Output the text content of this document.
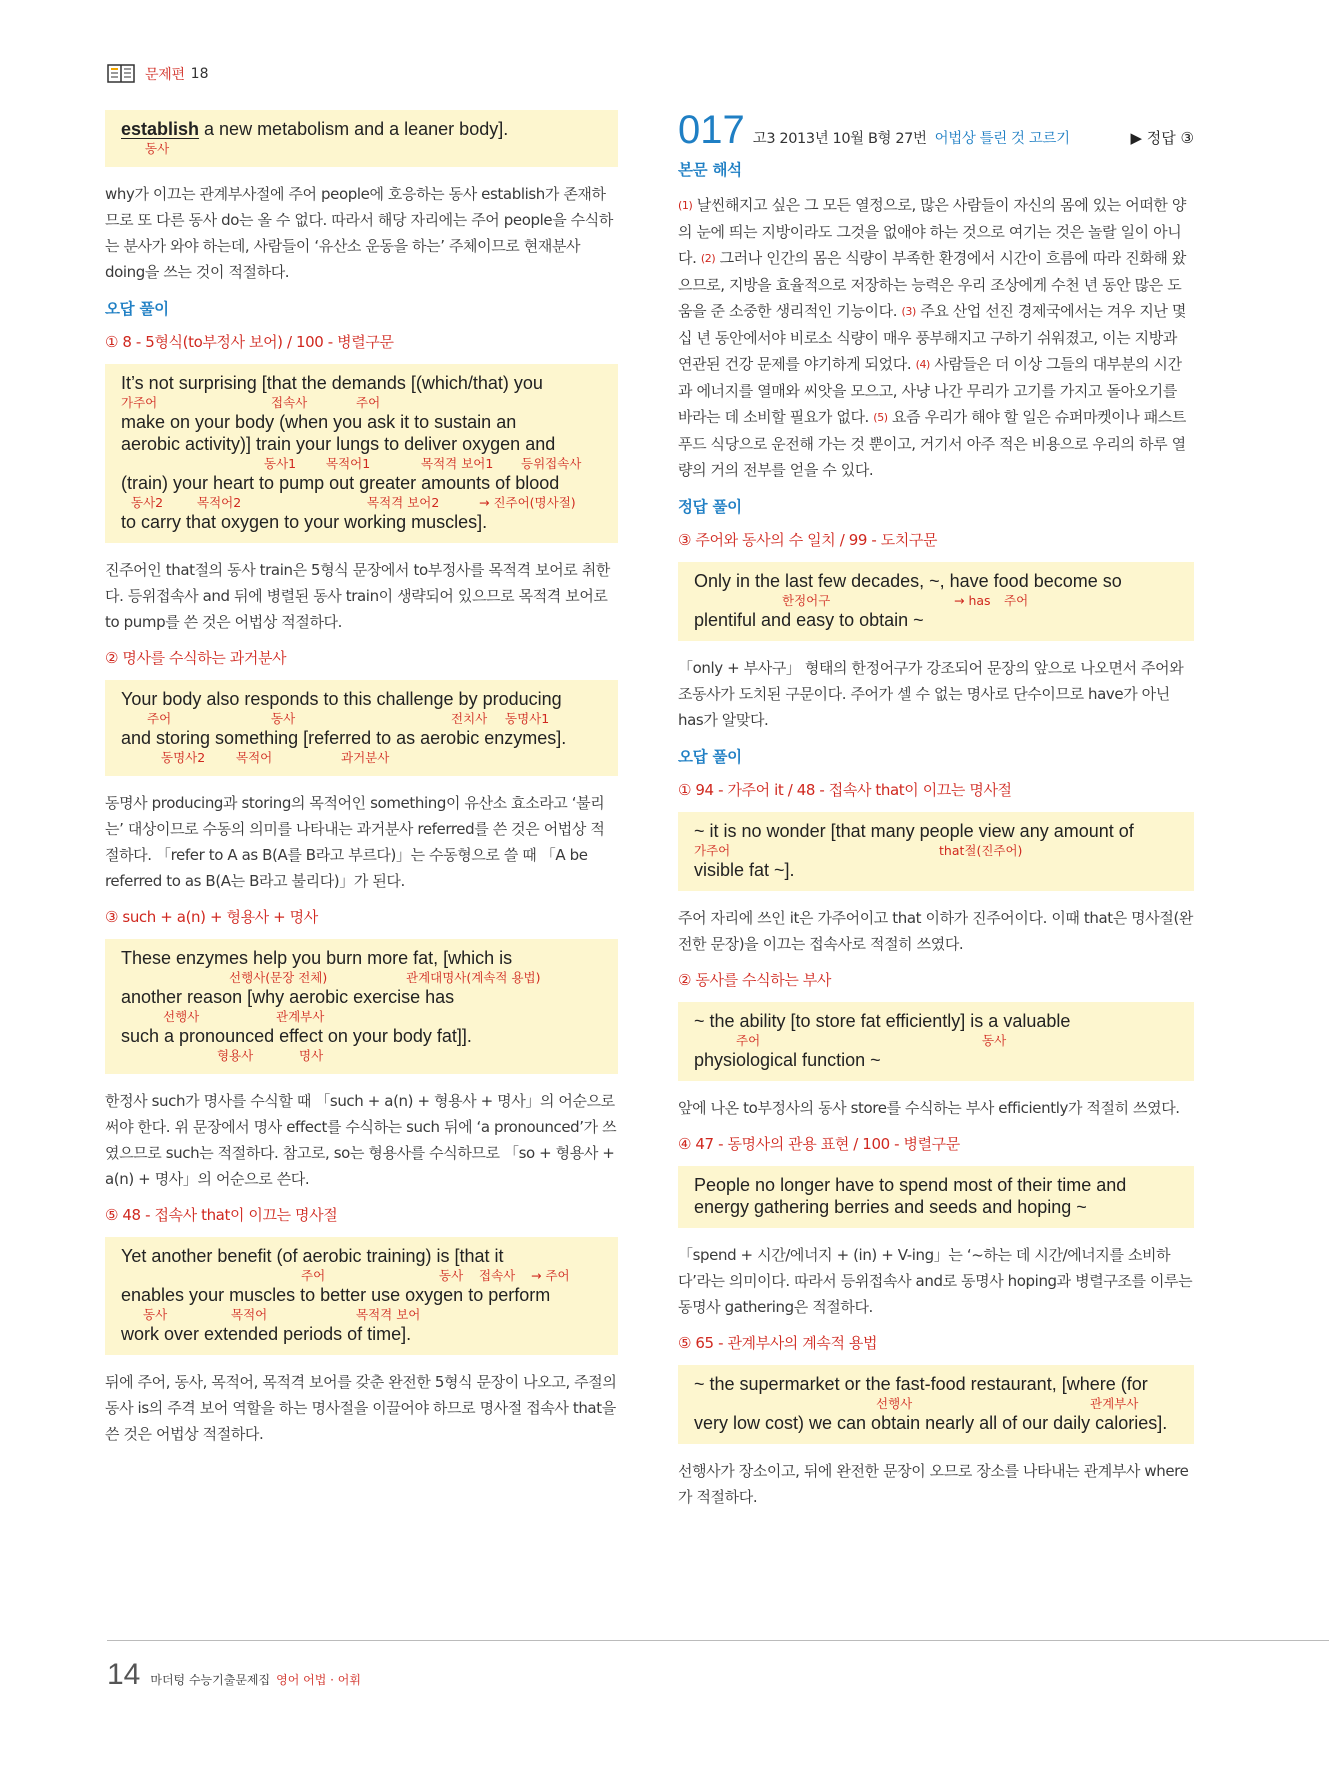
문제편 18
establish a new metabolism and a leaner body].
동사

why가 이끄는 관계부사절에 주어 people에 호응하는 동사 establish가 존재하므로 또 다른 동사 do는 올 수 없다. 따라서 해당 자리에는 주어 people을 수식하는 분사가 와야 하는데, 사람들이 ‘유산소 운동을 하는’ 주체이므로 현재분사 doing을 쓰는 것이 적절하다.

오답 풀이
① 8 - 5형식(to부정사 보어) / 100 - 병렬구문
It’s not surprising [that the demands [(which/that) you
가주어	접속사	주어
make on your body (when you ask it to sustain an
aerobic activity)] train your lungs to deliver oxygen and
동사1 목적어1	목적격 보어1 등위접속사
(train) your heart to pump out greater amounts of blood
동사2	목적어2	목적격 보어2	→ 진주어(명사절)
to carry that oxygen to your working muscles].

진주어인 that절의 동사 train은 5형식 문장에서 to부정사를 목적격 보어로 취한다. 등위접속사 and 뒤에 병렬된 동사 train이 생략되어 있으므로 목적격 보어로 to pump를 쓴 것은 어법상 적절하다.

② 명사를 수식하는 과거분사
Your body also responds to this challenge by producing
주어	동사	전치사 동명사1
and storing something [referred to as aerobic enzymes].
동명사2 목적어	과거분사

동명사 producing과 storing의 목적어인 something이 유산소 효소라고 ‘불리는’ 대상이므로 수동의 의미를 나타내는 과거분사 referred를 쓴 것은 어법상 적절하다. 「refer to A as B(A를 B라고 부르다)」는 수동형으로 쓸 때 「A be referred to as B(A는 B라고 불리다)」가 된다.

③ such + a(n) + 형용사 + 명사
These enzymes help you burn more fat, [which is
선행사(문장 전체)	관계대명사(계속적 용법)
another reason [why aerobic exercise has
선행사	관계부사
such a pronounced effect on your body fat]].
형용사	명사

한정사 such가 명사를 수식할 때 「such + a(n) + 형용사 + 명사」의 어순으로 써야 한다. 위 문장에서 명사 effect를 수식하는 such 뒤에 ‘a pronounced’가 쓰였으므로 such는 적절하다. 참고로, so는 형용사를 수식하므로 「so + 형용사 + a(n) + 명사」의 어순으로 쓴다.

⑤ 48 - 접속사 that이 이끄는 명사절
Yet another benefit (of aerobic training) is [that it
주어	동사 접속사 → 주어
enables your muscles to better use oxygen to perform
동사	목적어	목적격 보어
work over extended periods of time].

뒤에 주어, 동사, 목적어, 목적격 보어를 갖춘 완전한 5형식 문장이 나오고, 주절의 동사 is의 주격 보어 역할을 하는 명사절을 이끌어야 하므로 명사절 접속사 that을 쓴 것은 어법상 적절하다.

017 고3 2013년 10월 B형 27번 어법상 틀린 것 고르기	▶ 정답 ③
본문 해석

(1) 날씬해지고 싶은 그 모든 열정으로, 많은 사람들이 자신의 몸에 있는 어떠한 양의 눈에 띄는 지방이라도 그것을 없애야 하는 것으로 여기는 것은 놀랄 일이 아니다. (2) 그러나 인간의 몸은 식량이 부족한 환경에서 시간이 흐름에 따라 진화해 왔으므로, 지방을 효율적으로 저장하는 능력은 우리 조상에게 수천 년 동안 많은 도움을 준 소중한 생리적인 기능이다. (3) 주요 산업 선진 경제국에서는 겨우 지난 몇십 년 동안에서야 비로소 식량이 매우 풍부해지고 구하기 쉬워졌고, 이는 지방과 연관된 건강 문제를 야기하게 되었다. (4) 사람들은 더 이상 그들의 대부분의 시간과 에너지를 열매와 씨앗을 모으고, 사냥 나간 무리가 고기를 가지고 돌아오기를 바라는 데 소비할 필요가 없다. (5) 요즘 우리가 해야 할 일은 슈퍼마켓이나 패스트푸드 식당으로 운전해 가는 것 뿐이고, 거기서 아주 적은 비용으로 우리의 하루 열량의 거의 전부를 얻을 수 있다.

정답 풀이
③ 주어와 동사의 수 일치 / 99 - 도치구문
Only in the last few decades, ~, have food become so
한정어구	→ has 주어
plentiful and easy to obtain ~

「only + 부사구」 형태의 한정어구가 강조되어 문장의 앞으로 나오면서 주어와 조동사가 도치된 구문이다. 주어가 셀 수 없는 명사로 단수이므로 have가 아닌 has가 알맞다.

오답 풀이
① 94 - 가주어 it / 48 - 접속사 that이 이끄는 명사절
~ it is no wonder [that many people view any amount of
가주어	that절(진주어)
visible fat ~].

주어 자리에 쓰인 it은 가주어이고 that 이하가 진주어이다. 이때 that은 명사절(완전한 문장)을 이끄는 접속사로 적절히 쓰였다.

② 동사를 수식하는 부사
~ the ability [to store fat efficiently] is a valuable
주어	동사
physiological function ~

앞에 나온 to부정사의 동사 store를 수식하는 부사 efficiently가 적절히 쓰였다.

④ 47 - 동명사의 관용 표현 / 100 - 병렬구문
People no longer have to spend most of their time and
energy gathering berries and seeds and hoping ~

「spend + 시간/에너지 + (in) + V-ing」는 ‘~하는 데 시간/에너지를 소비하다’라는 의미이다. 따라서 등위접속사 and로 동명사 hoping과 병렬구조를 이루는 동명사 gathering은 적절하다.

⑤ 65 - 관계부사의 계속적 용법
~ the supermarket or the fast-food restaurant, [where (for
선행사	관계부사
very low cost) we can obtain nearly all of our daily calories].

선행사가 장소이고, 뒤에 완전한 문장이 오므로 장소를 나타내는 관계부사 where가 적절하다.

14 마더텅 수능기출문제집 영어 어법 · 어휘
